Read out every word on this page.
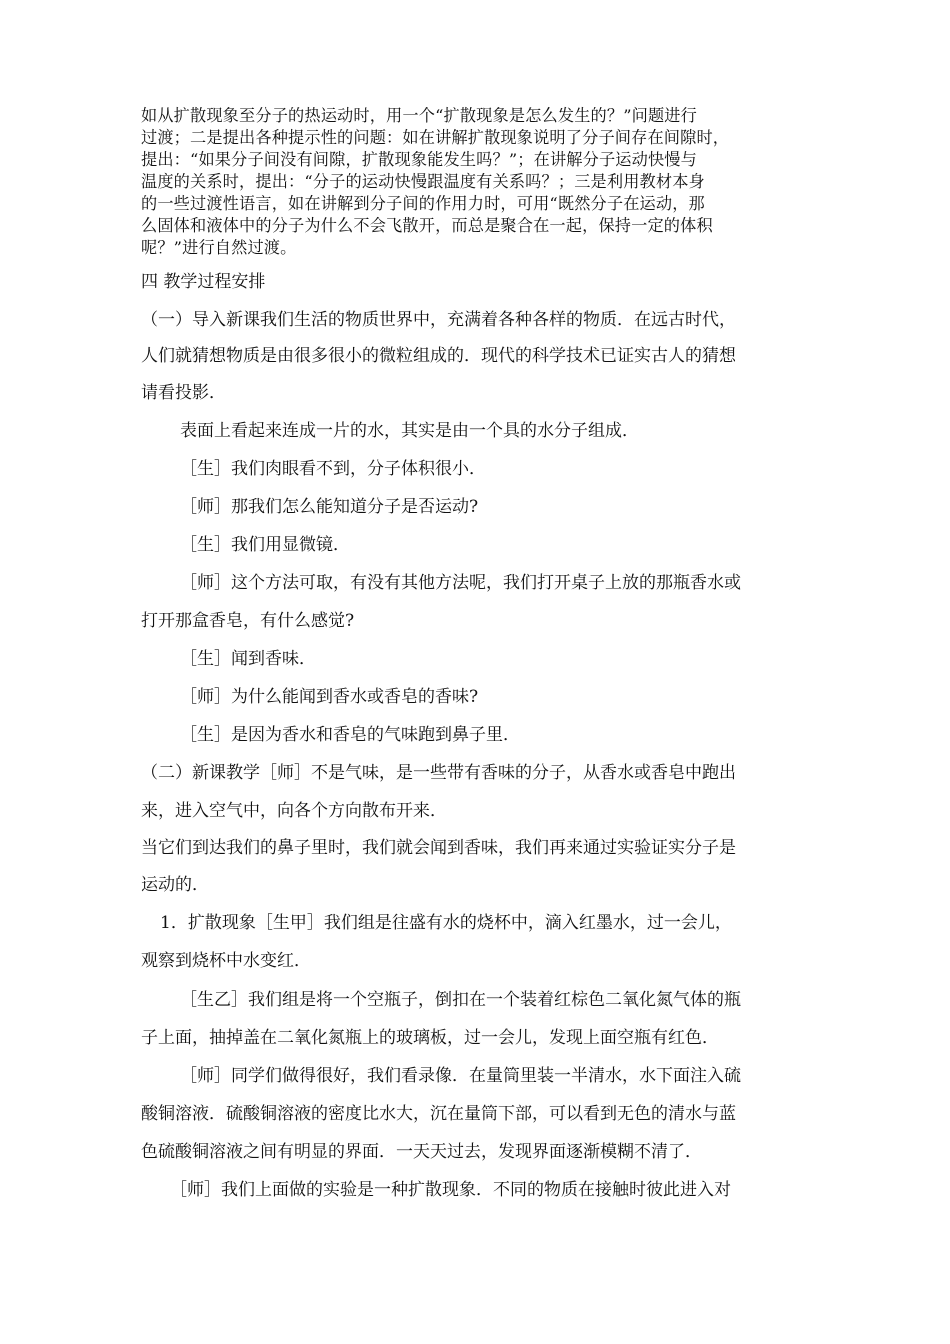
如从扩散现象至分子的热运动时，用一个“扩散现象是怎么发生的？”问题进行
过渡；二是提出各种提示性的问题：如在讲解扩散现象说明了分子间存在间隙时，
提出：“如果分子间没有间隙，扩散现象能发生吗？”；在讲解分子运动快慢与
温度的关系时，提出：“分子的运动快慢跟温度有关系吗？；三是利用教材本身
的一些过渡性语言，如在讲解到分子间的作用力时，可用“既然分子在运动，那
么固体和液体中的分子为什么不会飞散开，而总是聚合在一起，保持一定的体积
呢？”进行自然过渡。
四 教学过程安排
（一）导入新课我们生活的物质世界中，充满着各种各样的物质．在远古时代，
人们就猜想物质是由很多很小的微粒组成的．现代的科学技术已证实古人的猜想
请看投影．
表面上看起来连成一片的水，其实是由一个具的水分子组成．
［生］我们肉眼看不到，分子体积很小．
［师］那我们怎么能知道分子是否运动?
［生］我们用显微镜．
［师］这个方法可取，有没有其他方法呢，我们打开桌子上放的那瓶香水或
打开那盒香皂，有什么感觉?
［生］闻到香味．
［师］为什么能闻到香水或香皂的香味?
［生］是因为香水和香皂的气味跑到鼻子里．
（二）新课教学［师］不是气味，是一些带有香味的分子，从香水或香皂中跑出
来，进入空气中，向各个方向散布开来．
当它们到达我们的鼻子里时，我们就会闻到香味，我们再来通过实验证实分子是
运动的．
1．扩散现象［生甲］我们组是往盛有水的烧杯中，滴入红墨水，过一会儿，
观察到烧杯中水变红．
［生乙］我们组是将一个空瓶子，倒扣在一个装着红棕色二氧化氮气体的瓶
子上面，抽掉盖在二氧化氮瓶上的玻璃板，过一会儿，发现上面空瓶有红色．
［师］同学们做得很好，我们看录像．在量筒里装一半清水，水下面注入硫
酸铜溶液．硫酸铜溶液的密度比水大，沉在量筒下部，可以看到无色的清水与蓝
色硫酸铜溶液之间有明显的界面．一天天过去，发现界面逐渐模糊不清了．
［师］我们上面做的实验是一种扩散现象．不同的物质在接触时彼此进入对
